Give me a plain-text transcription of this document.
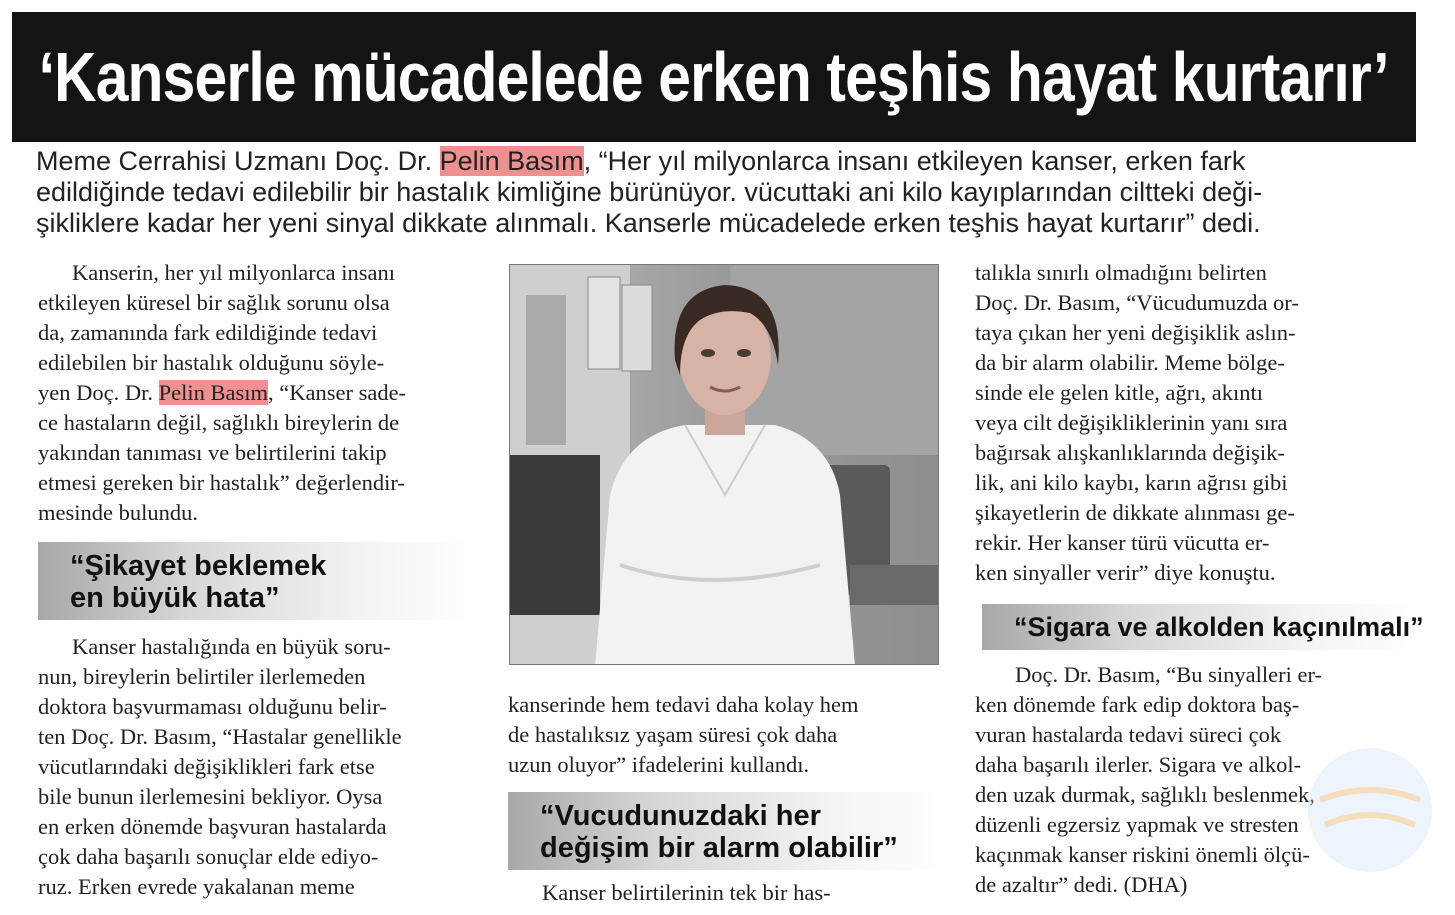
‘Kanserle mücadelede erken teşhis hayat kurtarır’
Meme Cerrahisi Uzmanı Doç. Dr. Pelin Basım, “Her yıl milyonlarca insanı etkileyen kanser, erken fark
edildiğinde tedavi edilebilir bir hastalık kimliğine bürünüyor. vücuttaki ani kilo kayıplarından ciltteki deği-
şikliklere kadar her yeni sinyal dikkate alınmalı. Kanserle mücadelede erken teşhis hayat kurtarır” dedi.
Kanserin, her yıl milyonlarca insanı
etkileyen küresel bir sağlık sorunu olsa
da, zamanında fark edildiğinde tedavi
edilebilen bir hastalık olduğunu söyle-
yen Doç. Dr. Pelin Basım, “Kanser sade-
ce hastaların değil, sağlıklı bireylerin de
yakından tanıması ve belirtilerini takip
etmesi gereken bir hastalık” değerlendir-
mesinde bulundu.
“Şikayet beklemek
en büyük hata”
Kanser hastalığında en büyük soru-
nun, bireylerin belirtiler ilerlemeden
doktora başvurmaması olduğunu belir-
ten Doç. Dr. Basım, “Hastalar genellikle
vücutlarındaki değişiklikleri fark etse
bile bunun ilerlemesini bekliyor. Oysa
en erken dönemde başvuran hastalarda
çok daha başarılı sonuçlar elde ediyo-
ruz. Erken evrede yakalanan meme
kanserinde hem tedavi daha kolay hem
de hastalıksız yaşam süresi çok daha
uzun oluyor” ifadelerini kullandı.
“Vucudunuzdaki her
değişim bir alarm olabilir”
Kanser belirtilerinin tek bir has-
talıkla sınırlı olmadığını belirten
Doç. Dr. Basım, “Vücudumuzda or-
taya çıkan her yeni değişiklik aslın-
da bir alarm olabilir. Meme bölge-
sinde ele gelen kitle, ağrı, akıntı
veya cilt değişikliklerinin yanı sıra
bağırsak alışkanlıklarında değişik-
lik, ani kilo kaybı, karın ağrısı gibi
şikayetlerin de dikkate alınması ge-
rekir. Her kanser türü vücutta er-
ken sinyaller verir” diye konuştu.
“Sigara ve alkolden kaçınılmalı”
Doç. Dr. Basım, “Bu sinyalleri er-
ken dönemde fark edip doktora baş-
vuran hastalarda tedavi süreci çok
daha başarılı ilerler. Sigara ve alkol-
den uzak durmak, sağlıklı beslenmek,
düzenli egzersiz yapmak ve stresten
kaçınmak kanser riskini önemli ölçü-
de azaltır” dedi. (DHA)
